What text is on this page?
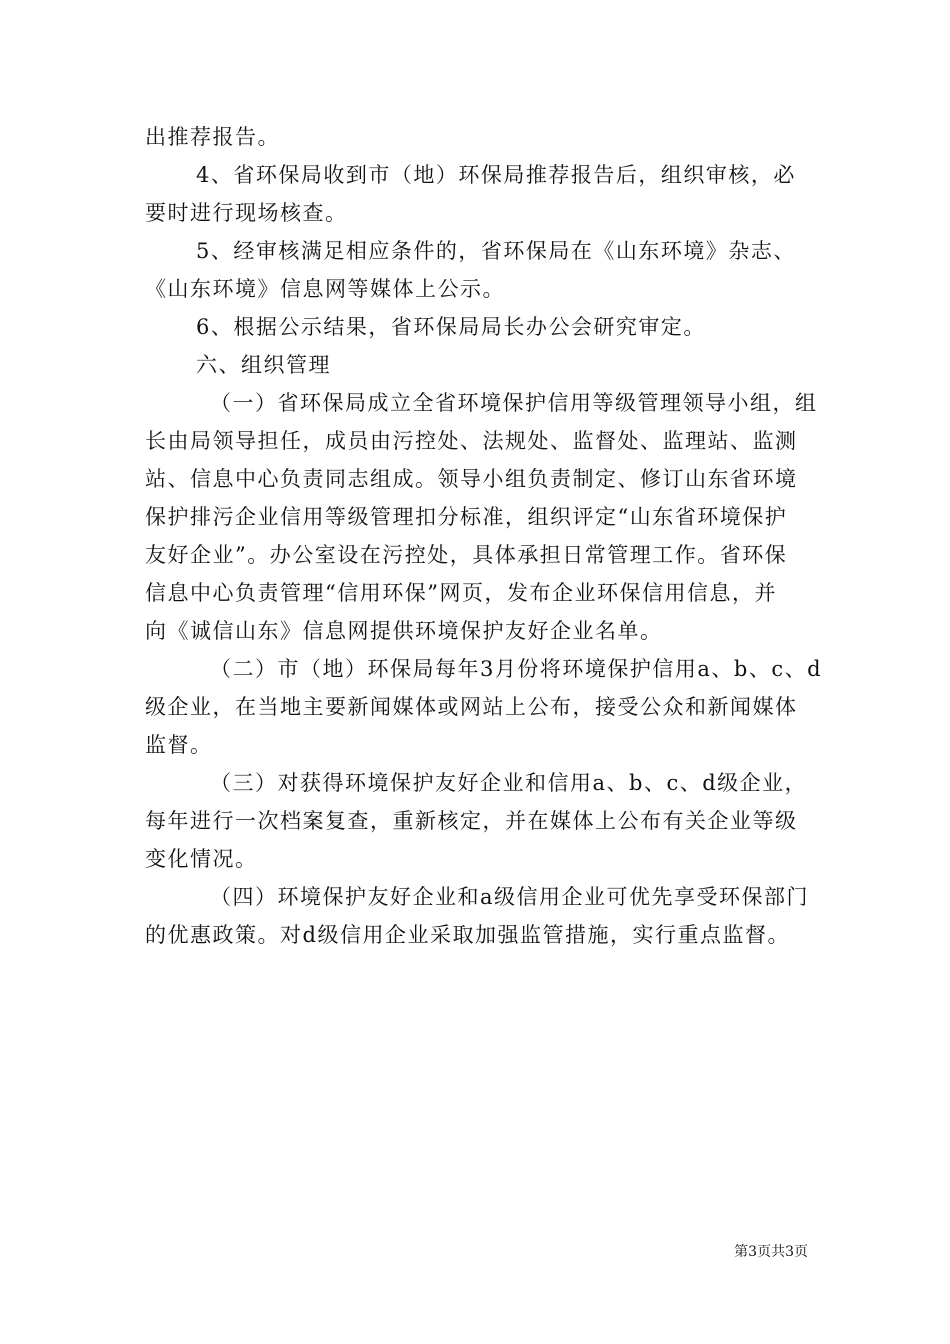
出推荐报告。
4、省环保局收到市（地）环保局推荐报告后，组织审核，必
要时进行现场核查。
5、经审核满足相应条件的，省环保局在《山东环境》杂志、
《山东环境》信息网等媒体上公示。
6、根据公示结果，省环保局局长办公会研究审定。
六、组织管理
（一）省环保局成立全省环境保护信用等级管理领导小组，组
长由局领导担任，成员由污控处、法规处、监督处、监理站、监测
站、信息中心负责同志组成。领导小组负责制定、修订山东省环境
保护排污企业信用等级管理扣分标准，组织评定“山东省环境保护
友好企业”。办公室设在污控处，具体承担日常管理工作。省环保
信息中心负责管理“信用环保”网页，发布企业环保信用信息，并
向《诚信山东》信息网提供环境保护友好企业名单。
（二）市（地）环保局每年3月份将环境保护信用a、b、c、d
级企业，在当地主要新闻媒体或网站上公布，接受公众和新闻媒体
监督。
（三）对获得环境保护友好企业和信用a、b、c、d级企业，
每年进行一次档案复查，重新核定，并在媒体上公布有关企业等级
变化情况。
（四）环境保护友好企业和a级信用企业可优先享受环保部门
的优惠政策。对d级信用企业采取加强监管措施，实行重点监督。
第3页共3页
